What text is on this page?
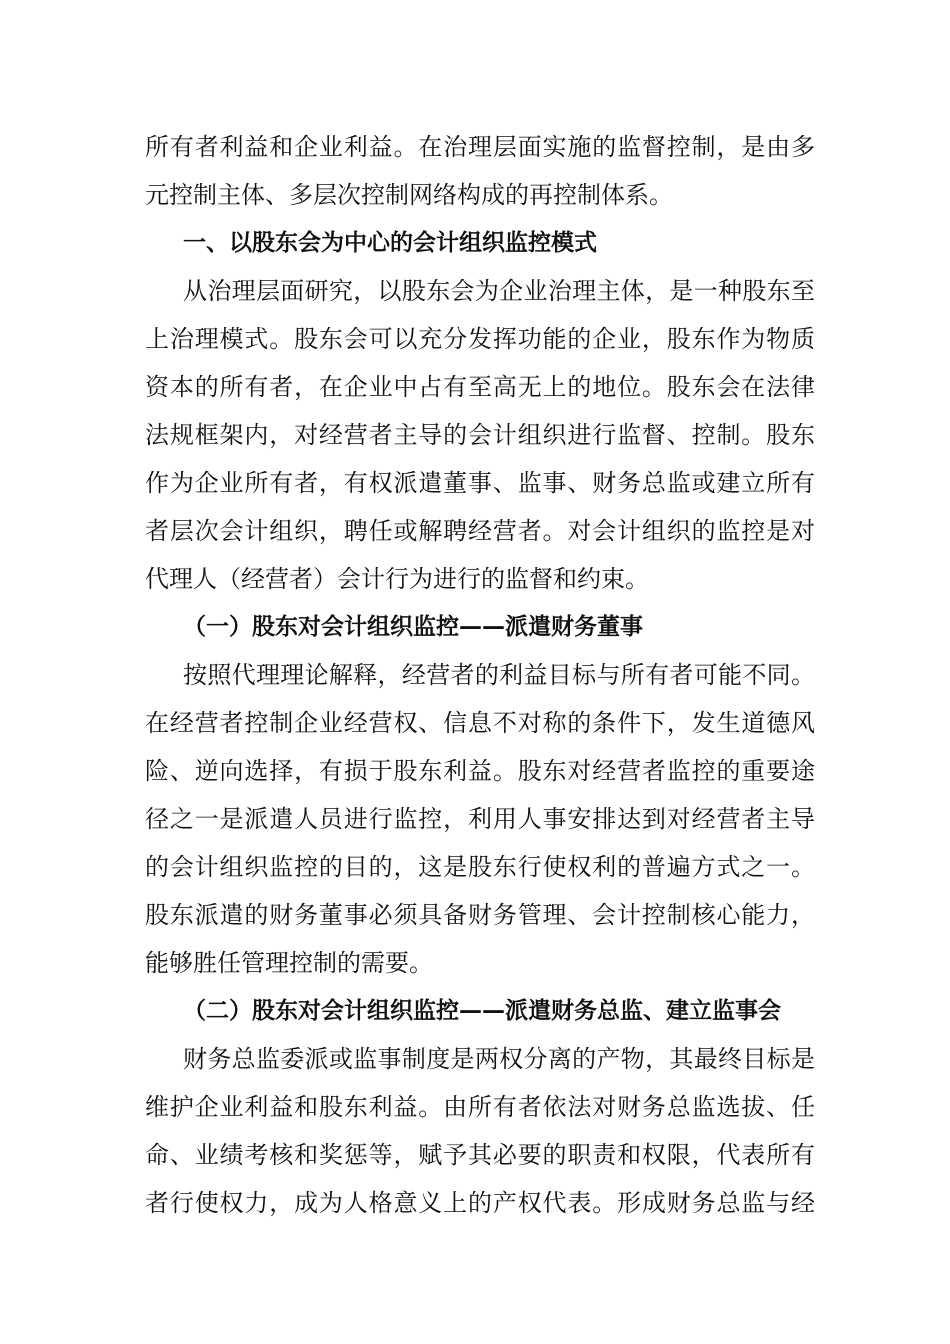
所有者利益和企业利益。在治理层面实施的监督控制，是由多
元控制主体、多层次控制网络构成的再控制体系。
一、以股东会为中心的会计组织监控模式
从治理层面研究，以股东会为企业治理主体，是一种股东至
上治理模式。股东会可以充分发挥功能的企业，股东作为物质
资本的所有者，在企业中占有至高无上的地位。股东会在法律
法规框架内，对经营者主导的会计组织进行监督、控制。股东
作为企业所有者，有权派遣董事、监事、财务总监或建立所有
者层次会计组织，聘任或解聘经营者。对会计组织的监控是对
代理人（经营者）会计行为进行的监督和约束。
（一）股东对会计组织监控——派遣财务董事
按照代理理论解释，经营者的利益目标与所有者可能不同。
在经营者控制企业经营权、信息不对称的条件下，发生道德风
险、逆向选择，有损于股东利益。股东对经营者监控的重要途
径之一是派遣人员进行监控，利用人事安排达到对经营者主导
的会计组织监控的目的，这是股东行使权利的普遍方式之一。
股东派遣的财务董事必须具备财务管理、会计控制核心能力，
能够胜任管理控制的需要。
（二）股东对会计组织监控——派遣财务总监、建立监事会
财务总监委派或监事制度是两权分离的产物，其最终目标是
维护企业利益和股东利益。由所有者依法对财务总监选拔、任
命、业绩考核和奖惩等，赋予其必要的职责和权限，代表所有
者行使权力，成为人格意义上的产权代表。形成财务总监与经
